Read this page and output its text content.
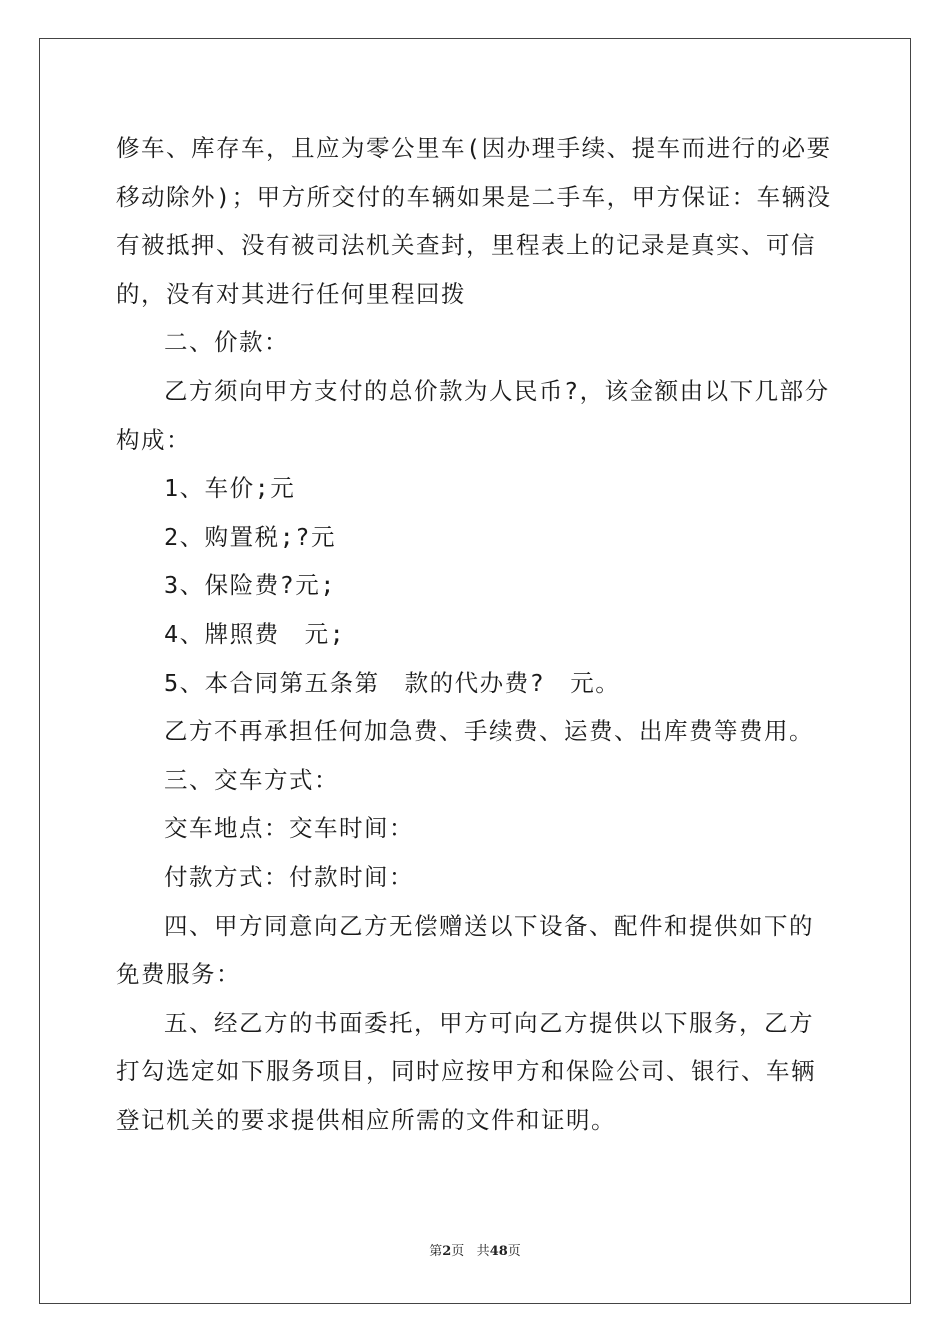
修车、库存车，且应为零公里车(因办理手续、提车而进行的必要移动除外)；甲方所交付的车辆如果是二手车，甲方保证：车辆没有被抵押、没有被司法机关查封，里程表上的记录是真实、可信的，没有对其进行任何里程回拨

二、价款：

乙方须向甲方支付的总价款为人民币?，该金额由以下几部分构成：

1、车价;元

2、购置税;?元

3、保险费?元;

4、牌照费　元;

5、本合同第五条第　款的代办费?　元。

乙方不再承担任何加急费、手续费、运费、出库费等费用。

三、交车方式：

交车地点：交车时间：

付款方式：付款时间：

四、甲方同意向乙方无偿赠送以下设备、配件和提供如下的免费服务：

五、经乙方的书面委托，甲方可向乙方提供以下服务，乙方打勾选定如下服务项目，同时应按甲方和保险公司、银行、车辆登记机关的要求提供相应所需的文件和证明。

第2页 共48页
